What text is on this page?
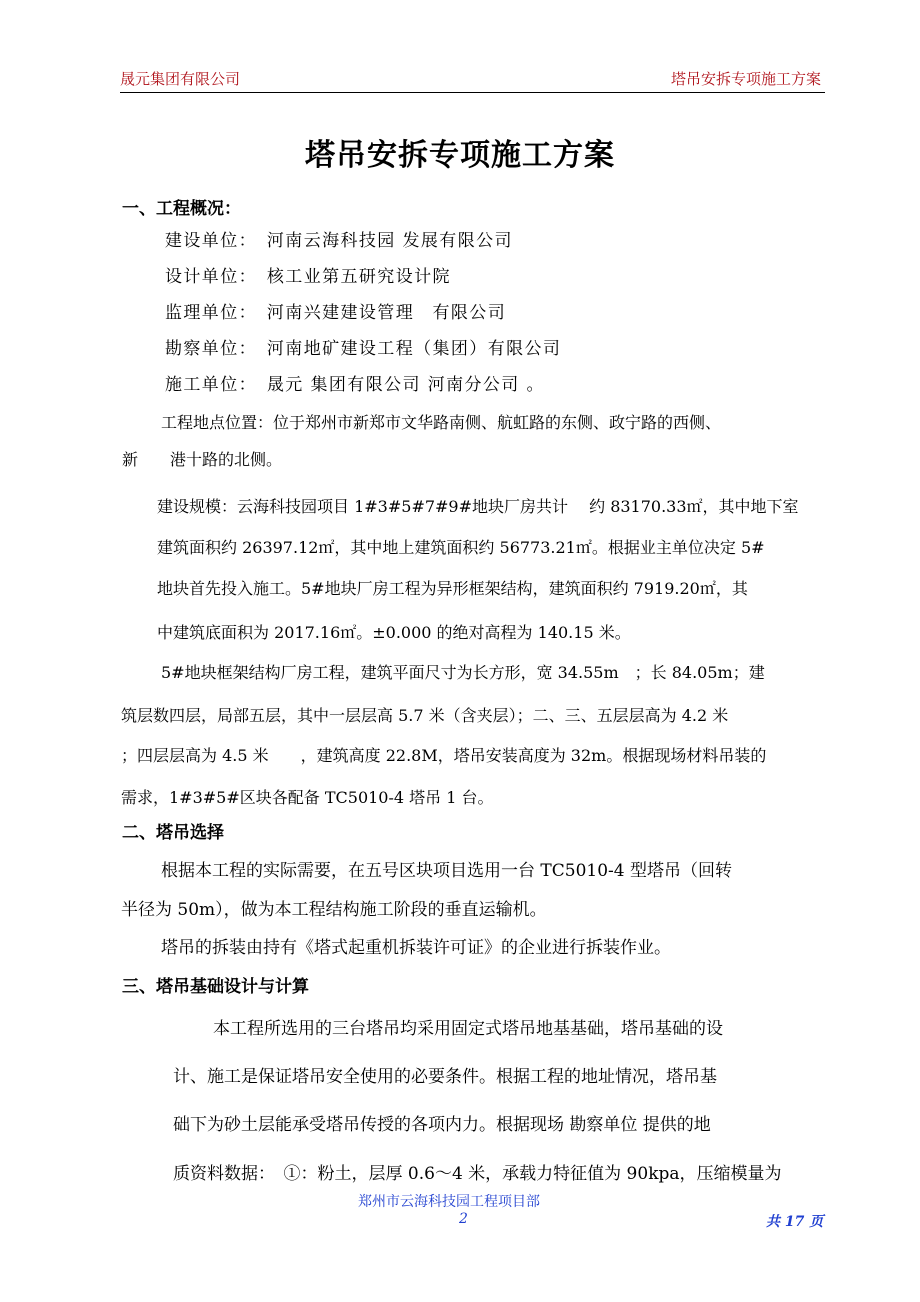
晟元集团有限公司	塔吊安拆专项施工方案
塔吊安拆专项施工方案
一、工程概况：
建设单位：　河南云海科技园 发展有限公司
设计单位：　核工业第五研究设计院
监理单位：　河南兴建建设管理　有限公司
勘察单位：　河南地矿建设工程（集团）有限公司
施工单位：　晟元 集团有限公司 河南分公司 。
工程地点位置：位于郑州市新郑市文华路南侧、航虹路的东侧、政宁路的西侧、
新　　港十路的北侧。
建设规模：云海科技园项目 1#3#5#7#9#地块厂房共计　 约 83170.33㎡，其中地下室
建筑面积约 26397.12㎡，其中地上建筑面积约 56773.21㎡。根据业主单位决定 5#
地块首先投入施工。5#地块厂房工程为异形框架结构，建筑面积约 7919.20㎡，其
中建筑底面积为 2017.16㎡。±0.000 的绝对高程为 140.15 米。
5#地块框架结构厂房工程，建筑平面尺寸为长方形，宽 34.55m　；长 84.05m；建
筑层数四层，局部五层，其中一层层高 5.7 米（含夹层）；二、三、五层层高为 4.2 米
；四层层高为 4.5 米　　，建筑高度 22.8M，塔吊安装高度为 32m。根据现场材料吊装的
需求，1#3#5#区块各配备 TC5010-4 塔吊 1 台。
二、塔吊选择
根据本工程的实际需要，在五号区块项目选用一台 TC5010-4 型塔吊（回转
半径为 50m），做为本工程结构施工阶段的垂直运输机。
塔吊的拆装由持有《塔式起重机拆装许可证》的企业进行拆装作业。
三、塔吊基础设计与计算
本工程所选用的三台塔吊均采用固定式塔吊地基基础，塔吊基础的设
计、施工是保证塔吊安全使用的必要条件。根据工程的地址情况，塔吊基
础下为砂土层能承受塔吊传授的各项内力。根据现场 勘察单位 提供的地
质资料数据：　①：粉土，层厚 0.6～4 米，承载力特征值为 90kpa，压缩模量为
郑州市云海科技园工程项目部
2	共 17 页
